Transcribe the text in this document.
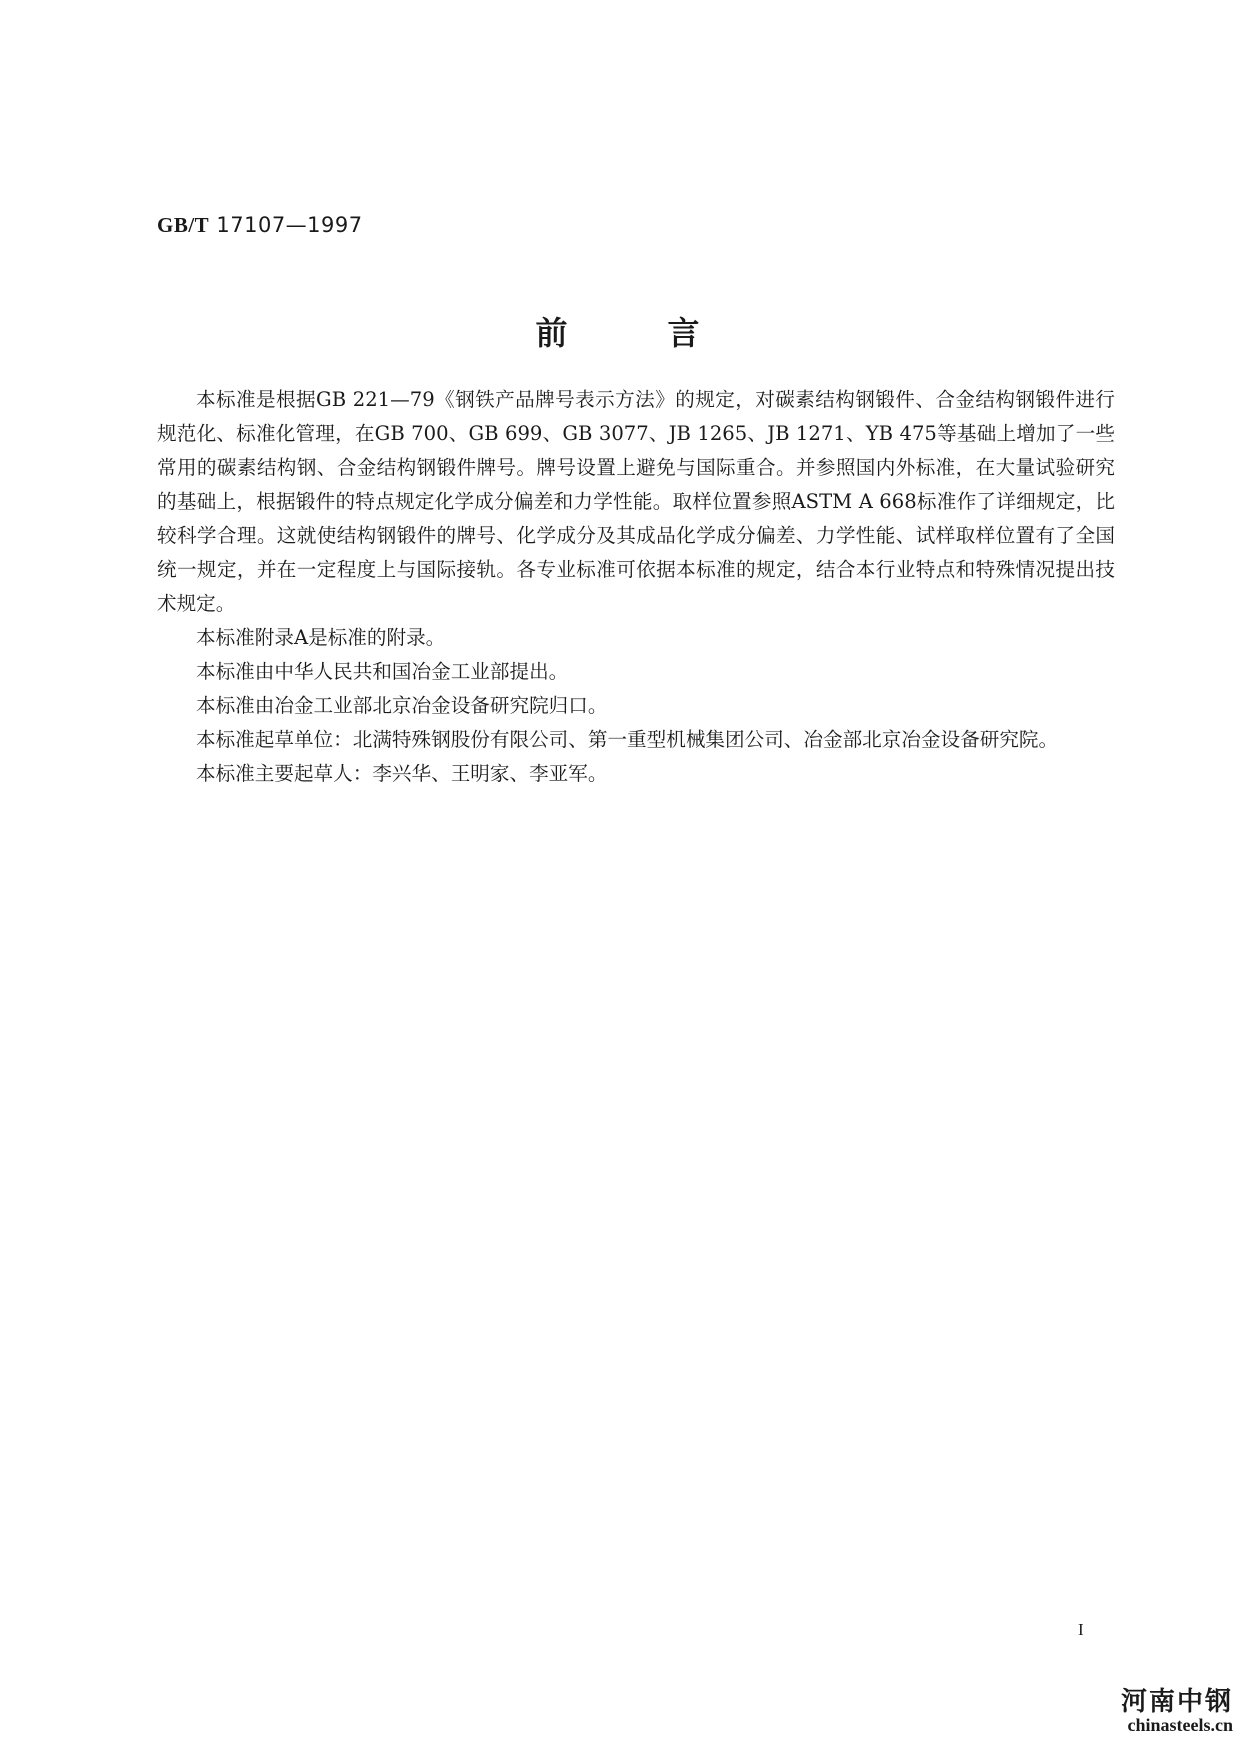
GB/T 17107—1997
前言

本标准是根据GB 221—79《钢铁产品牌号表示方法》的规定，对碳素结构钢锻件、合金结构钢锻件进行规范化、标准化管理，在GB 700、GB 699、GB 3077、JB 1265、JB 1271、YB 475等基础上增加了一些常用的碳素结构钢、合金结构钢锻件牌号。牌号设置上避免与国际重合。并参照国内外标准，在大量试验研究的基础上，根据锻件的特点规定化学成分偏差和力学性能。取样位置参照ASTM A 668标准作了详细规定，比较科学合理。这就使结构钢锻件的牌号、化学成分及其成品化学成分偏差、力学性能、试样取样位置有了全国统一规定，并在一定程度上与国际接轨。各专业标准可依据本标准的规定，结合本行业特点和特殊情况提出技术规定。

本标准附录A是标准的附录。

本标准由中华人民共和国冶金工业部提出。

本标准由冶金工业部北京冶金设备研究院归口。

本标准起草单位：北满特殊钢股份有限公司、第一重型机械集团公司、冶金部北京冶金设备研究院。

本标准主要起草人：李兴华、王明家、李亚军。

I
河南中钢
chinasteels.cn
